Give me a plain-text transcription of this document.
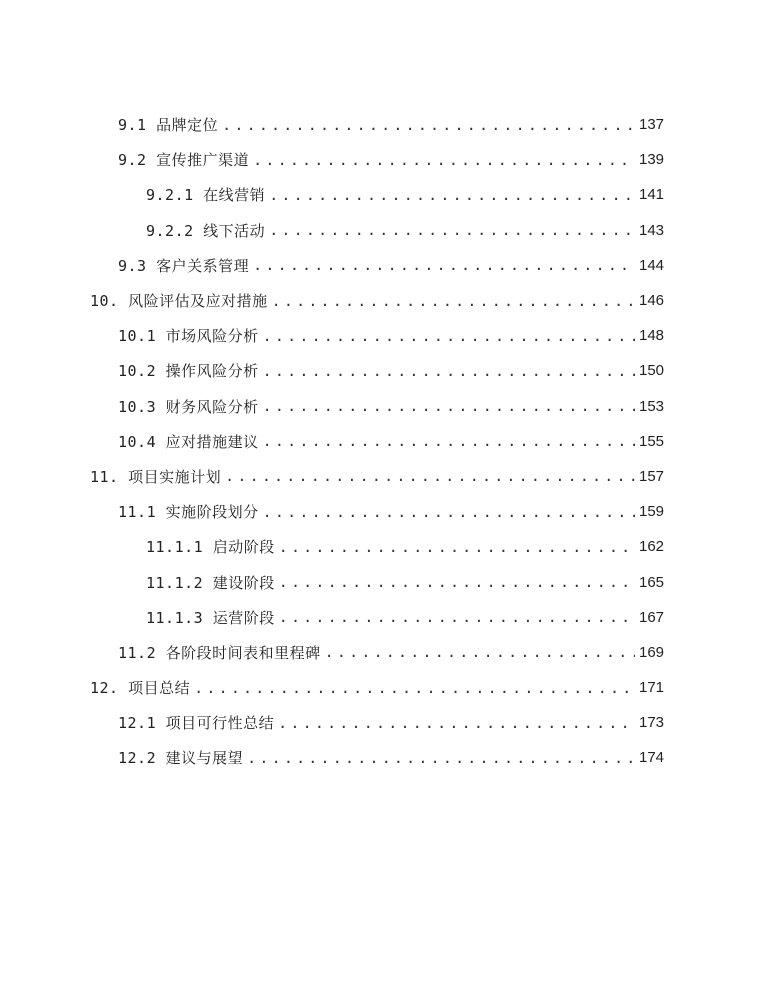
9.1 品牌定位 .....	137
9.2 宣传推广渠道 .....	139
9.2.1 在线营销 .....	141
9.2.2 线下活动 .....	143
9.3 客户关系管理 .....	144
10. 风险评估及应对措施 .....	146
10.1 市场风险分析 .....	148
10.2 操作风险分析 .....	150
10.3 财务风险分析 .....	153
10.4 应对措施建议 .....	155
11. 项目实施计划 .....	157
11.1 实施阶段划分 .....	159
11.1.1 启动阶段 .....	162
11.1.2 建设阶段 .....	165
11.1.3 运营阶段 .....	167
11.2 各阶段时间表和里程碑 .....	169
12. 项目总结 .....	171
12.1 项目可行性总结 .....	173
12.2 建议与展望 .....	174
